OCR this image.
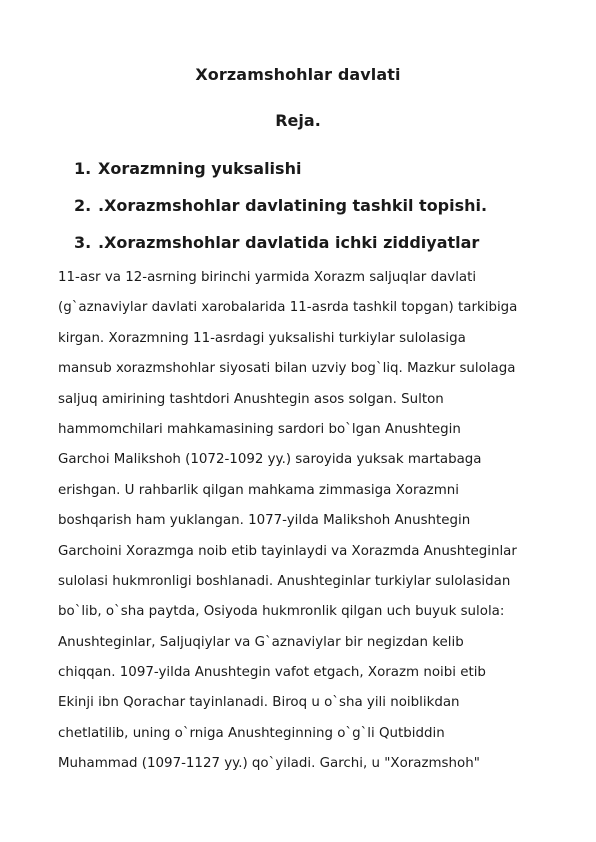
Xorzamshohlar davlati
Reja.
1. Xorazmning yuksalishi
2. .Xorazmshohlar davlatining tashkil topishi.
3. .Xorazmshohlar davlatida ichki ziddiyatlar
11-asr va 12-asrning birinchi yarmida Xorazm saljuqlar davlati
(g`aznaviylar davlati xarobalarida 11-asrda tashkil topgan) tarkibiga
kirgan. Xorazmning 11-asrdagi yuksalishi turkiylar sulolasiga
mansub xorazmshohlar siyosati bilan uzviy bog`liq. Mazkur sulolaga
saljuq amirining tashtdori Anushtegin asos solgan. Sulton
hammomchilari mahkamasining sardori bo`lgan Anushtegin
Garchoi Malikshoh (1072-1092 yy.) saroyida yuksak martabaga
erishgan. U rahbarlik qilgan mahkama zimmasiga Xorazmni
boshqarish ham yuklangan. 1077-yilda Malikshoh Anushtegin
Garchoini Xorazmga noib etib tayinlaydi va Xorazmda Anushteginlar
sulolasi hukmronligi boshlanadi. Anushteginlar turkiylar sulolasidan
bo`lib, o`sha paytda, Osiyoda hukmronlik qilgan uch buyuk sulola:
Anushteginlar, Saljuqiylar va G`aznaviylar bir negizdan kelib
chiqqan. 1097-yilda Anushtegin vafot etgach, Xorazm noibi etib
Ekinji ibn Qorachar tayinlanadi. Biroq u o`sha yili noiblikdan
chetlatilib, uning o`rniga Anushteginning o`g`li Qutbiddin
Muhammad (1097-1127 yy.) qo`yiladi. Garchi, u "Xorazmshoh"
